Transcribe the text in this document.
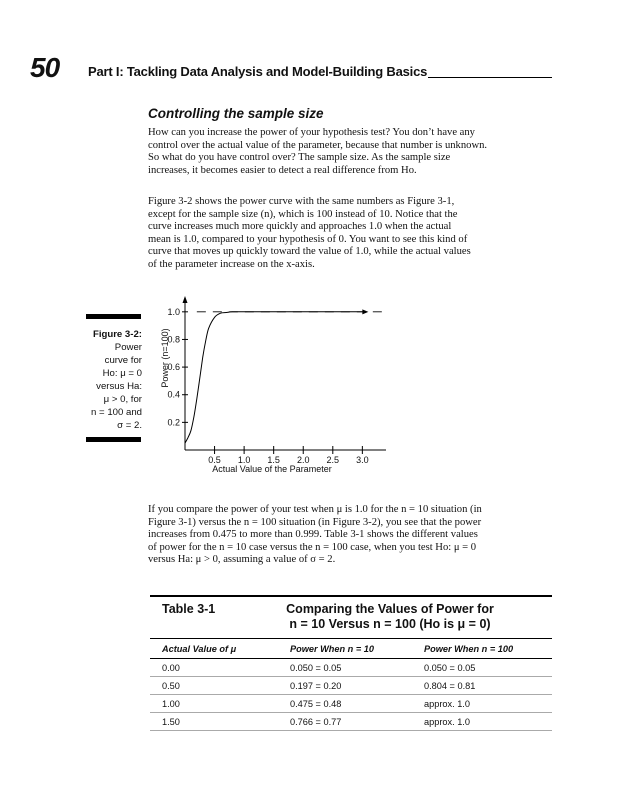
50 Part I: Tackling Data Analysis and Model-Building Basics
Controlling the sample size
How can you increase the power of your hypothesis test? You don’t have any
control over the actual value of the parameter, because that number is unknown.
So what do you have control over? The sample size. As the sample size
increases, it becomes easier to detect a real difference from Ho.
Figure 3-2 shows the power curve with the same numbers as Figure 3-1,
except for the sample size (n), which is 100 instead of 10. Notice that the
curve increases much more quickly and approaches 1.0 when the actual
mean is 1.0, compared to your hypothesis of 0. You want to see this kind of
curve that moves up quickly toward the value of 1.0, while the actual values
of the parameter increase on the x-axis.
Figure 3-2:
Power
curve for
Ho: μ = 0
versus Ha:
μ > 0, for
n = 100 and
σ = 2.
1.0
0.8
0.6
0.4
0.2
0.5 1.0 1.5 2.0 2.5 3.0
Power (n=100)
Actual Value of the Parameter
If you compare the power of your test when μ is 1.0 for the n = 10 situation (in
Figure 3-1) versus the n = 100 situation (in Figure 3-2), you see that the power
increases from 0.475 to more than 0.999. Table 3-1 shows the different values
of power for the n = 10 case versus the n = 100 case, when you test Ho: μ = 0
versus Ha: μ > 0, assuming a value of σ = 2.
Table 3-1	Comparing the Values of Power for
n = 10 Versus n = 100 (Ho is μ = 0)
Actual Value of μ	Power When n = 10	Power When n = 100
0.00	0.050 = 0.05	0.050 = 0.05
0.50	0.197 = 0.20	0.804 = 0.81
1.00	0.475 = 0.48	approx. 1.0
1.50	0.766 = 0.77	approx. 1.0
